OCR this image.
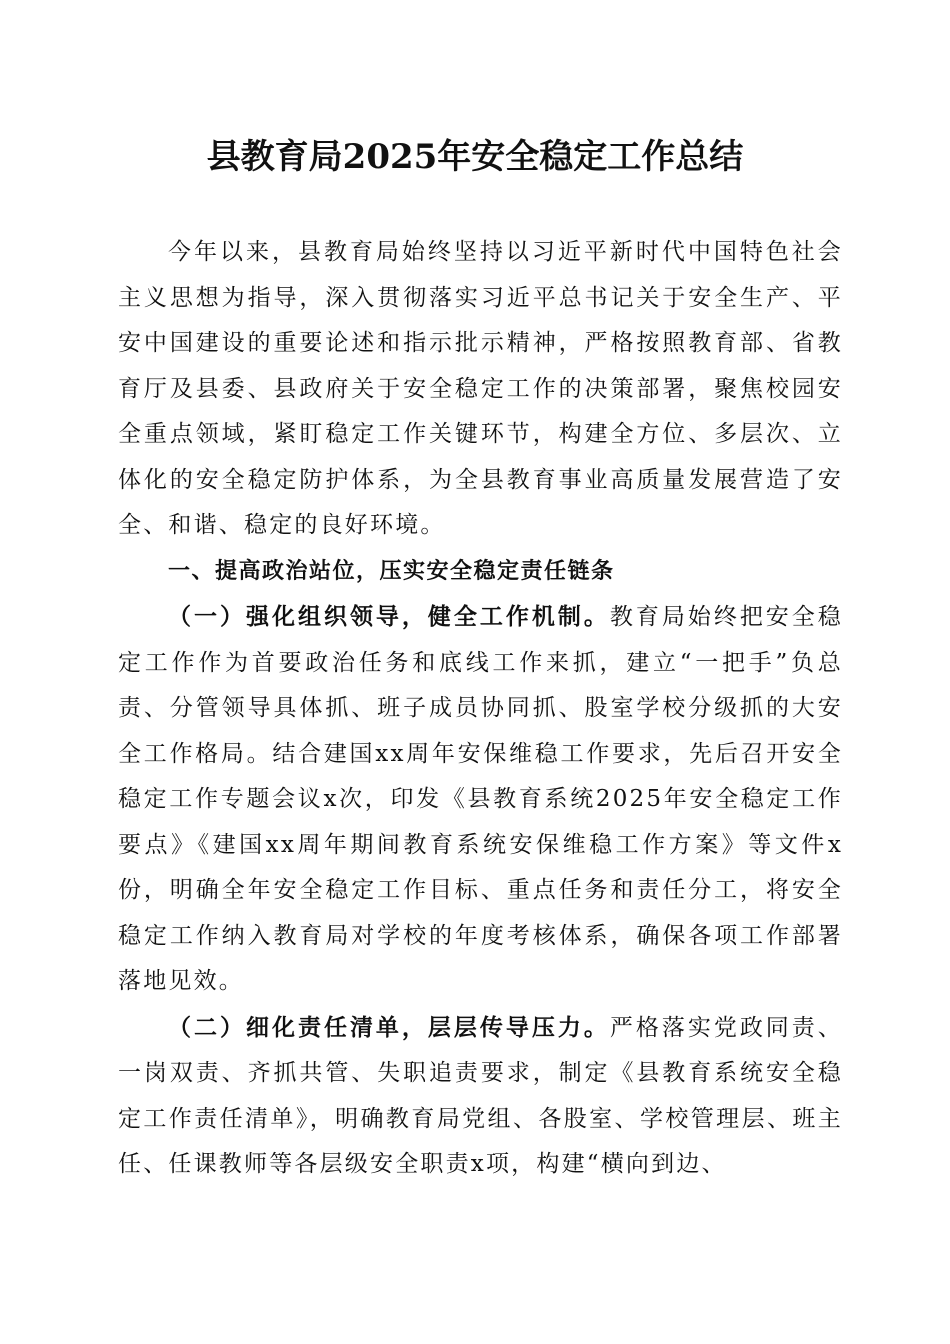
县教育局2025年安全稳定工作总结

今年以来，县教育局始终坚持以习近平新时代中国特色社会主义思想为指导，深入贯彻落实习近平总书记关于安全生产、平安中国建设的重要论述和指示批示精神，严格按照教育部、省教育厅及县委、县政府关于安全稳定工作的决策部署，聚焦校园安全重点领域，紧盯稳定工作关键环节，构建全方位、多层次、立体化的安全稳定防护体系，为全县教育事业高质量发展营造了安全、和谐、稳定的良好环境。

一、提高政治站位，压实安全稳定责任链条

（一）强化组织领导，健全工作机制。教育局始终把安全稳定工作作为首要政治任务和底线工作来抓，建立“一把手”负总责、分管领导具体抓、班子成员协同抓、股室学校分级抓的大安全工作格局。结合建国xx周年安保维稳工作要求，先后召开安全稳定工作专题会议x次，印发《县教育系统2025年安全稳定工作要点》《建国xx周年期间教育系统安保维稳工作方案》等文件x份，明确全年安全稳定工作目标、重点任务和责任分工，将安全稳定工作纳入教育局对学校的年度考核体系，确保各项工作部署落地见效。

（二）细化责任清单，层层传导压力。严格落实党政同责、一岗双责、齐抓共管、失职追责要求，制定《县教育系统安全稳定工作责任清单》，明确教育局党组、各股室、学校管理层、班主任、任课教师等各层级安全职责x项，构建“横向到边、
